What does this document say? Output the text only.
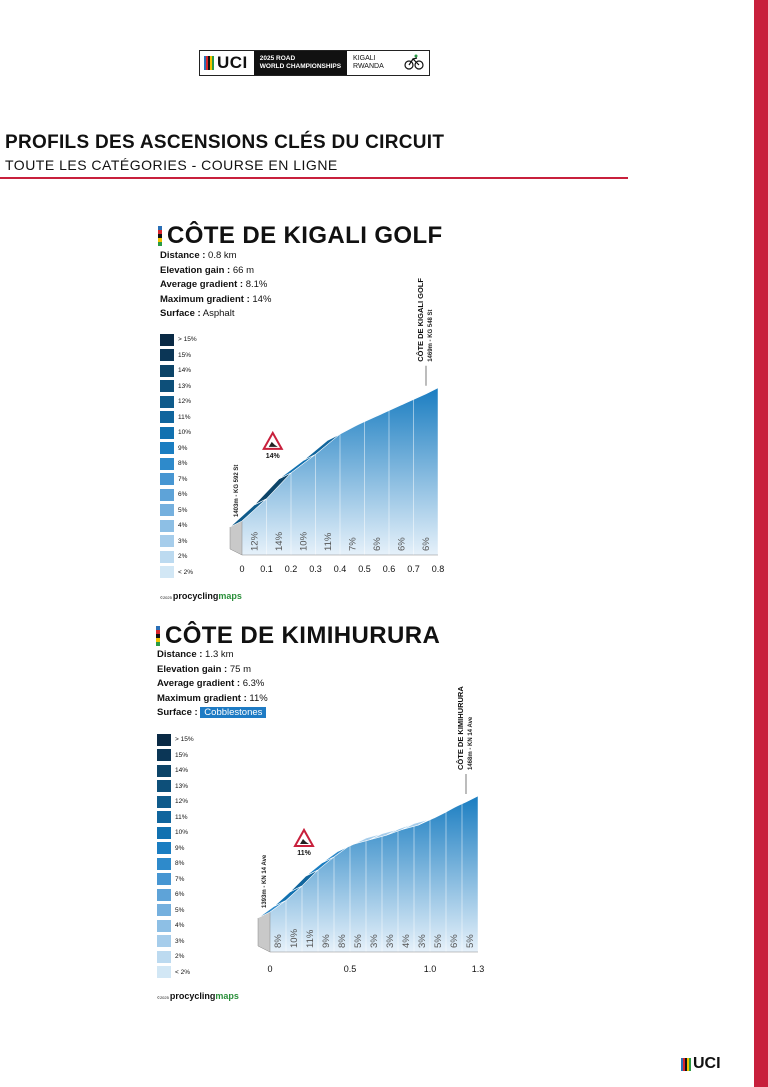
UCI 2025 ROAD
WORLD CHAMPIONSHIPS
KIGALI
RWANDA
PROFILS DES ASCENSIONS CLÉS DU CIRCUIT
TOUTE LES CATÉGORIES - COURSE EN LIGNE
CÔTE DE KIGALI GOLF
Distance : 0.8 km
Elevation gain : 66 m
Average gradient : 8.1%
Maximum gradient : 14%
Surface : Asphalt
> 15%
15%
14%
13%
12%
11%
10%
9%
8%
7%
6%
5%
4%
3%
2%
< 2%
12% 14% 10% 11% 7% 6% 6% 6%
0 0.1 0.2 0.3 0.4 0.5 0.6 0.7 0.8
1403m - KG 592 St
14%
CÔTE DE KIGALI GOLF 1469m - KG 548 St
©2025procyclingmaps
CÔTE DE KIMIHURURA
Distance : 1.3 km
Elevation gain : 75 m
Average gradient : 6.3%
Maximum gradient : 11%
Surface : Cobblestones
> 15%
15%
14%
13%
12%
11%
10%
9%
8%
7%
6%
5%
4%
3%
2%
< 2%
8% 10% 11% 9% 8% 5% 3% 3% 4% 3% 5% 6% 5%
0	0.5	1.0	1.3
1393m - KN 14 Ave
11%
CÔTE DE KIMIHURURA 1468m - KN 14 Ave
©2025procyclingmaps
UCI
